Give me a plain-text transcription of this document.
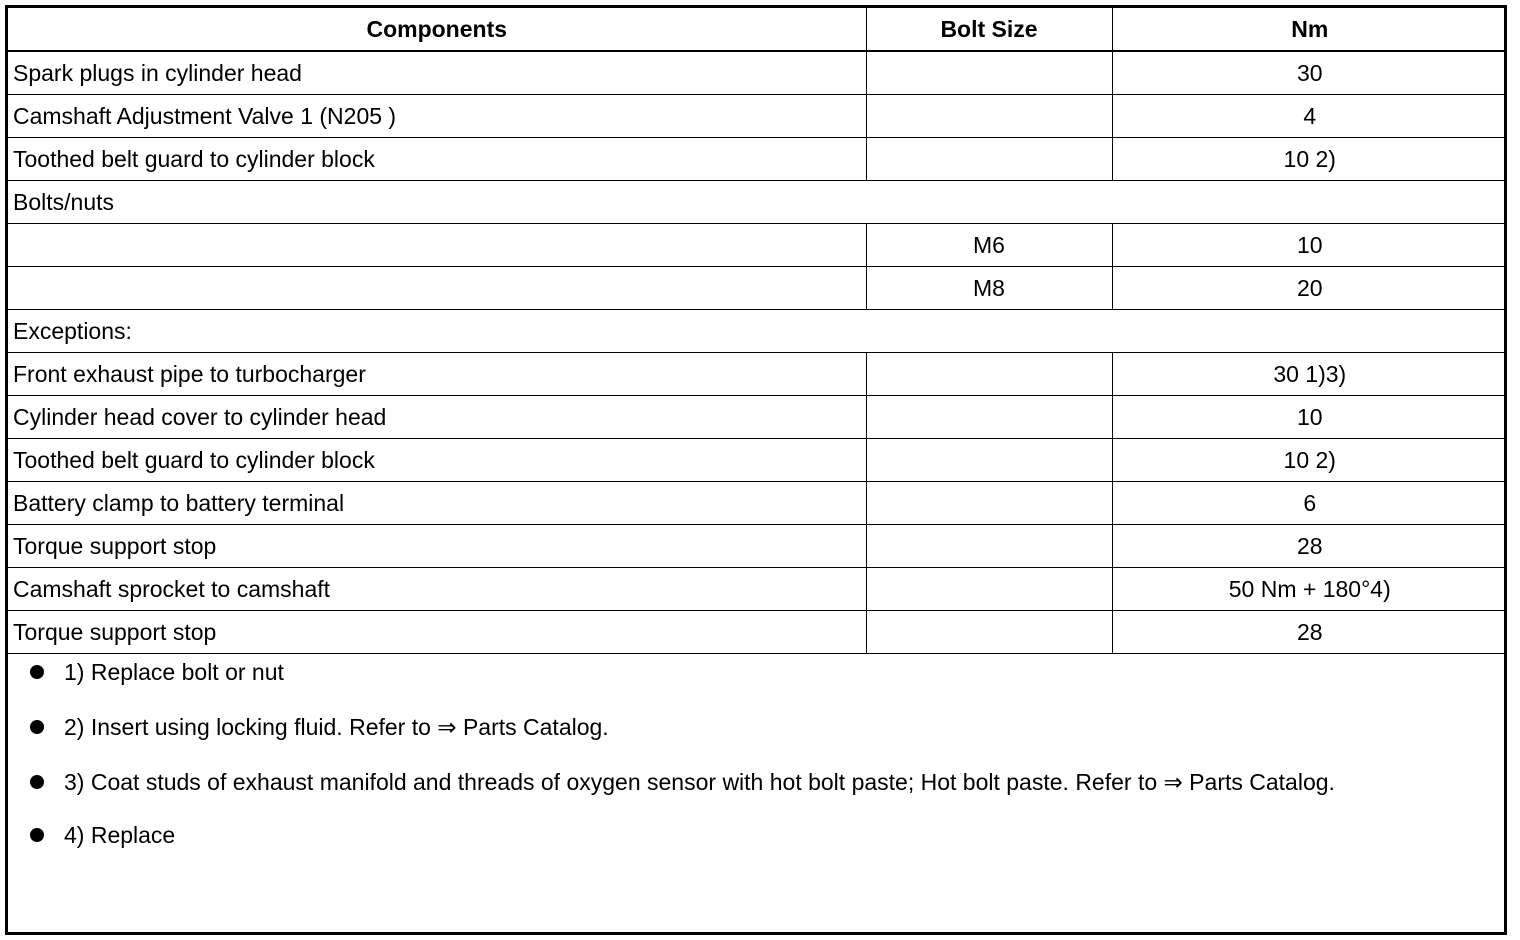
Components	Bolt Size	Nm
Spark plugs in cylinder head		30
Camshaft Adjustment Valve 1 (N205 )		4
Toothed belt guard to cylinder block		10 2)
Bolts/nuts		
	M6	10
	M8	20
Exceptions:		
Front exhaust pipe to turbocharger		30 1)3)
Cylinder head cover to cylinder head		10
Toothed belt guard to cylinder block		10 2)
Battery clamp to battery terminal		6
Torque support stop		28
Camshaft sprocket to camshaft		50 Nm + 180°4)
Torque support stop		28
1) Replace bolt or nut
2) Insert using locking fluid. Refer to ⇒ Parts Catalog.
3) Coat studs of exhaust manifold and threads of oxygen sensor with hot bolt paste; Hot bolt paste. Refer to ⇒ Parts Catalog.
4) Replace
